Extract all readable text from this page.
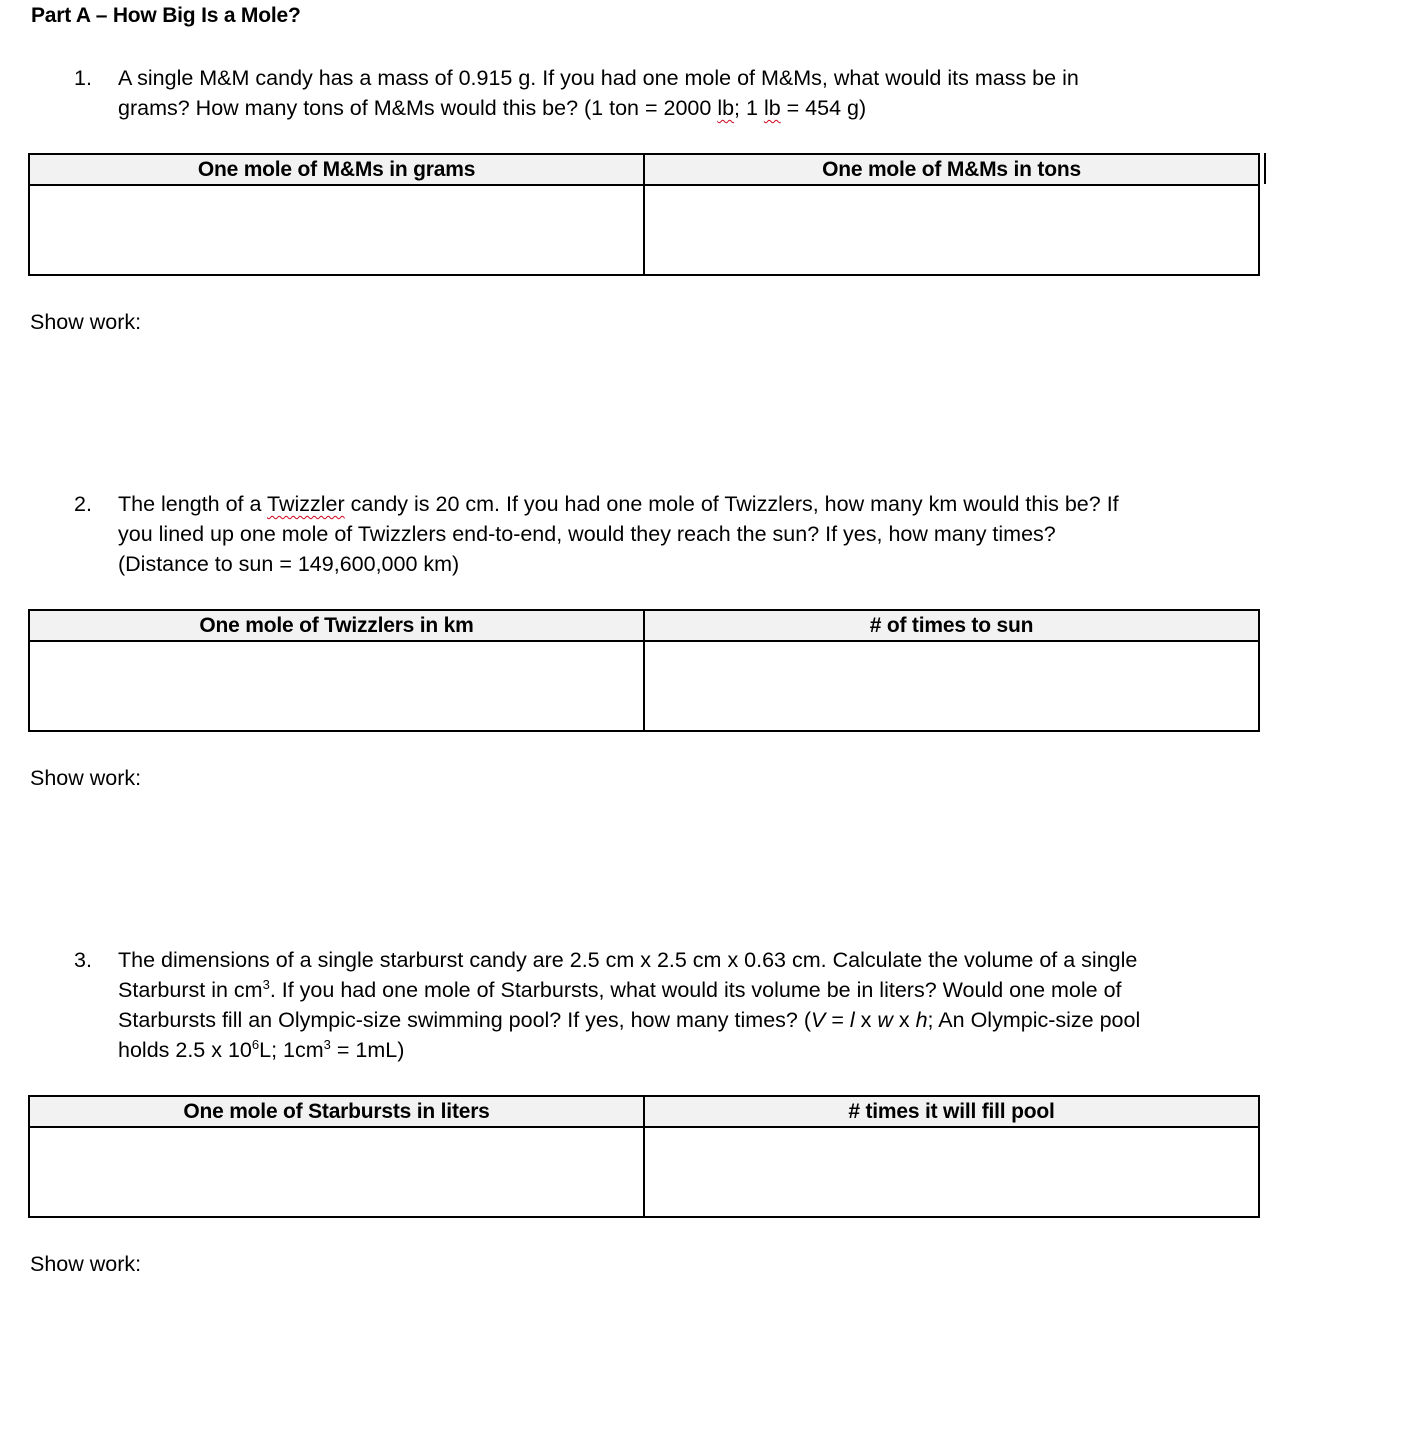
Part A – How Big Is a Mole?
1.	A single M&M candy has a mass of 0.915 g. If you had one mole of M&Ms, what would its mass be in
grams? How many tons of M&Ms would this be? (1 ton = 2000 lb; 1 lb = 454 g)
One mole of M&Ms in grams	One mole of M&Ms in tons

Show work:
2.	The length of a Twizzler candy is 20 cm. If you had one mole of Twizzlers, how many km would this be? If
you lined up one mole of Twizzlers end-to-end, would they reach the sun? If yes, how many times?
(Distance to sun = 149,600,000 km)
One mole of Twizzlers in km	# of times to sun

Show work:
3.	The dimensions of a single starburst candy are 2.5 cm x 2.5 cm x 0.63 cm. Calculate the volume of a single
Starburst in $cm^3$. If you had one mole of Starbursts, what would its volume be in liters? Would one mole of
Starbursts fill an Olympic-size swimming pool? If yes, how many times? (V = l x w x h; An Olympic-size pool
holds 2.5 x $10^6L$; $1cm^3 = 1mL$)
One mole of Starbursts in liters	# times it will fill pool

Show work:
